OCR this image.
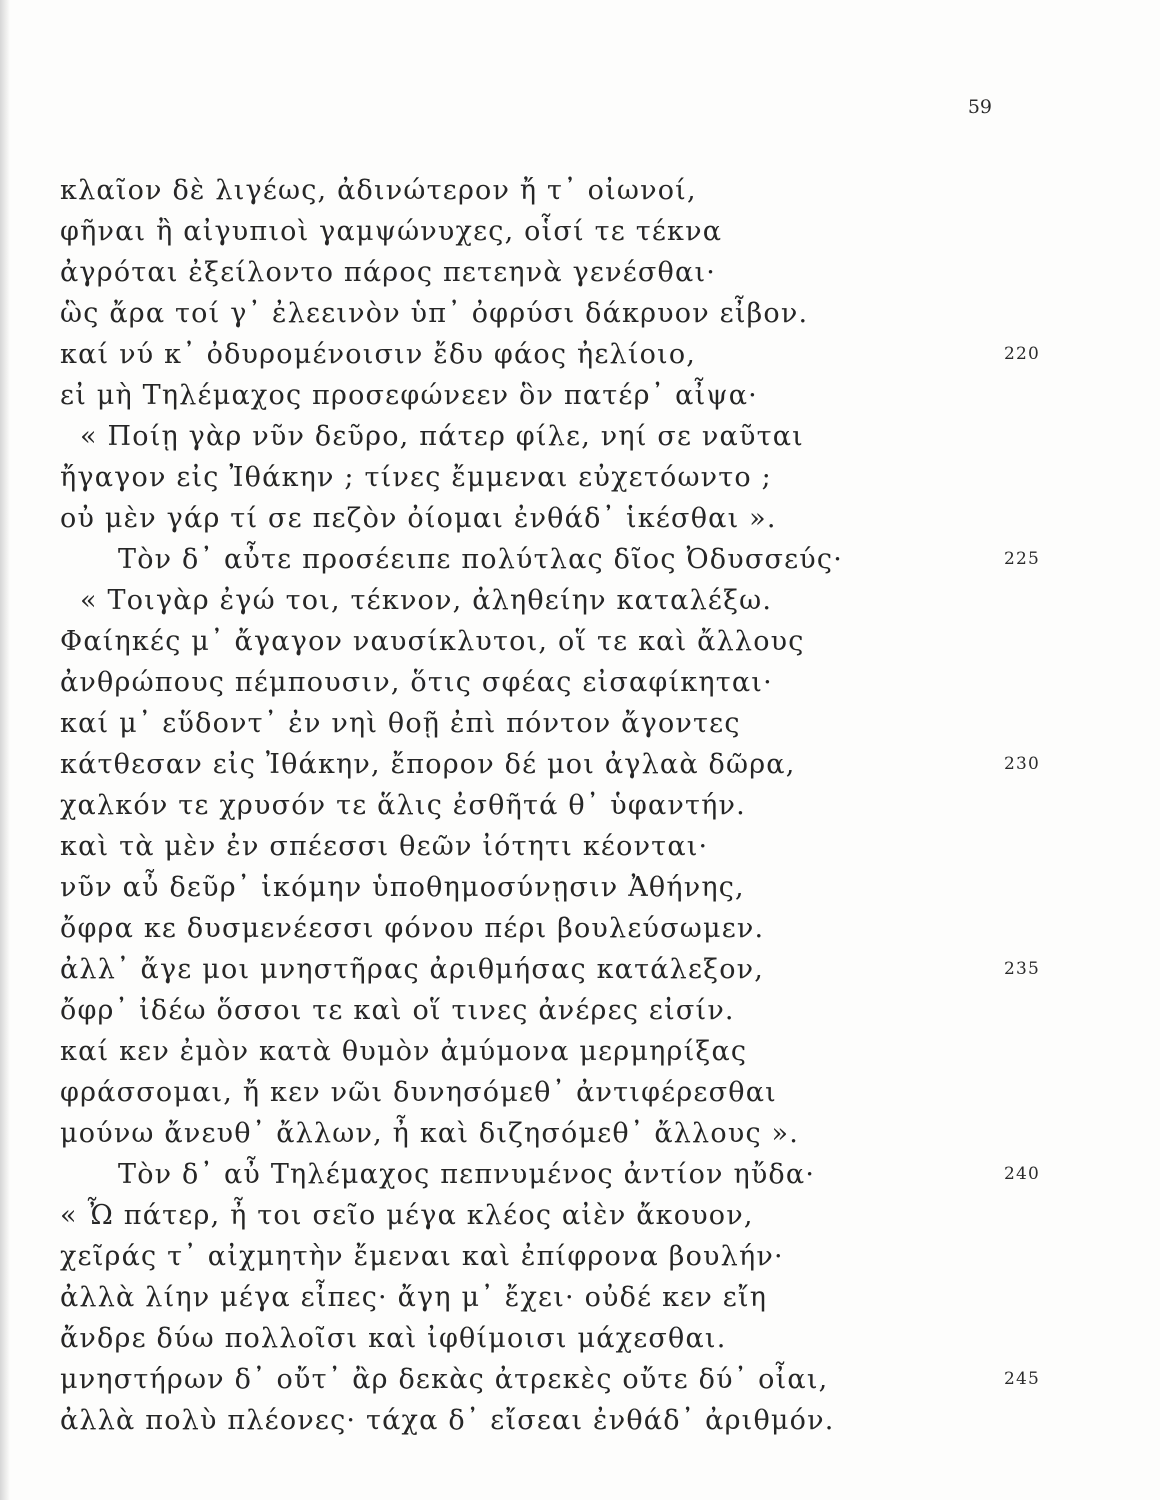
59
κλαῖον δὲ λιγέως, ἀδινώτερον ἤ τ᾽ οἰωνοί,
φῆναι ἢ αἰγυπιοὶ γαμψώνυχες, οἷσί τε τέκνα
ἀγρόται ἐξείλοντο πάρος πετεηνὰ γενέσθαι·
ὣς ἄρα τοί γ᾽ ἐλεεινὸν ὑπ᾽ ὀφρύσι δάκρυον εἶβον.
καί νύ κ᾽ ὀδυρομένοισιν ἔδυ φάος ἠελίοιο,	220
εἰ μὴ Τηλέμαχος προσεφώνεεν ὃν πατέρ᾽ αἶψα·
« Ποίῃ γὰρ νῦν δεῦρο, πάτερ φίλε, νηί σε ναῦται
ἤγαγον εἰς Ἰθάκην ; τίνες ἔμμεναι εὐχετόωντο ;
οὐ μὲν γάρ τί σε πεζὸν ὀίομαι ἐνθάδ᾽ ἱκέσθαι ».
Τὸν δ᾽ αὖτε προσέειπε πολύτλας δῖος Ὀδυσσεύς·	225
« Τοιγὰρ ἐγώ τοι, τέκνον, ἀληθείην καταλέξω.
Φαίηκές μ᾽ ἄγαγον ναυσίκλυτοι, οἵ τε καὶ ἄλλους
ἀνθρώπους πέμπουσιν, ὅτις σφέας εἰσαφίκηται·
καί μ᾽ εὕδοντ᾽ ἐν νηὶ θοῇ ἐπὶ πόντον ἄγοντες
κάτθεσαν εἰς Ἰθάκην, ἔπορον δέ μοι ἀγλαὰ δῶρα,	230
χαλκόν τε χρυσόν τε ἅλις ἐσθῆτά θ᾽ ὑφαντήν.
καὶ τὰ μὲν ἐν σπέεσσι θεῶν ἰότητι κέονται·
νῦν αὖ δεῦρ᾽ ἱκόμην ὑποθημοσύνῃσιν Ἀθήνης,
ὄφρα κε δυσμενέεσσι φόνου πέρι βουλεύσωμεν.
ἀλλ᾽ ἄγε μοι μνηστῆρας ἀριθμήσας κατάλεξον,	235
ὄφρ᾽ ἰδέω ὅσσοι τε καὶ οἵ τινες ἀνέρες εἰσίν.
καί κεν ἐμὸν κατὰ θυμὸν ἀμύμονα μερμηρίξας
φράσσομαι, ἤ κεν νῶι δυνησόμεθ᾽ ἀντιφέρεσθαι
μούνω ἄνευθ᾽ ἄλλων, ἦ καὶ διζησόμεθ᾽ ἄλλους ».
Τὸν δ᾽ αὖ Τηλέμαχος πεπνυμένος ἀντίον ηὔδα·	240
« Ὦ πάτερ, ἦ τοι σεῖο μέγα κλέος αἰὲν ἄκουον,
χεῖράς τ᾽ αἰχμητὴν ἔμεναι καὶ ἐπίφρονα βουλήν·
ἀλλὰ λίην μέγα εἶπες· ἄγη μ᾽ ἔχει· οὐδέ κεν εἴη
ἄνδρε δύω πολλοῖσι καὶ ἰφθίμοισι μάχεσθαι.
μνηστήρων δ᾽ οὔτ᾽ ἂρ δεκὰς ἀτρεκὲς οὔτε δύ᾽ οἶαι,	245
ἀλλὰ πολὺ πλέονες· τάχα δ᾽ εἴσεαι ἐνθάδ᾽ ἀριθμόν.
